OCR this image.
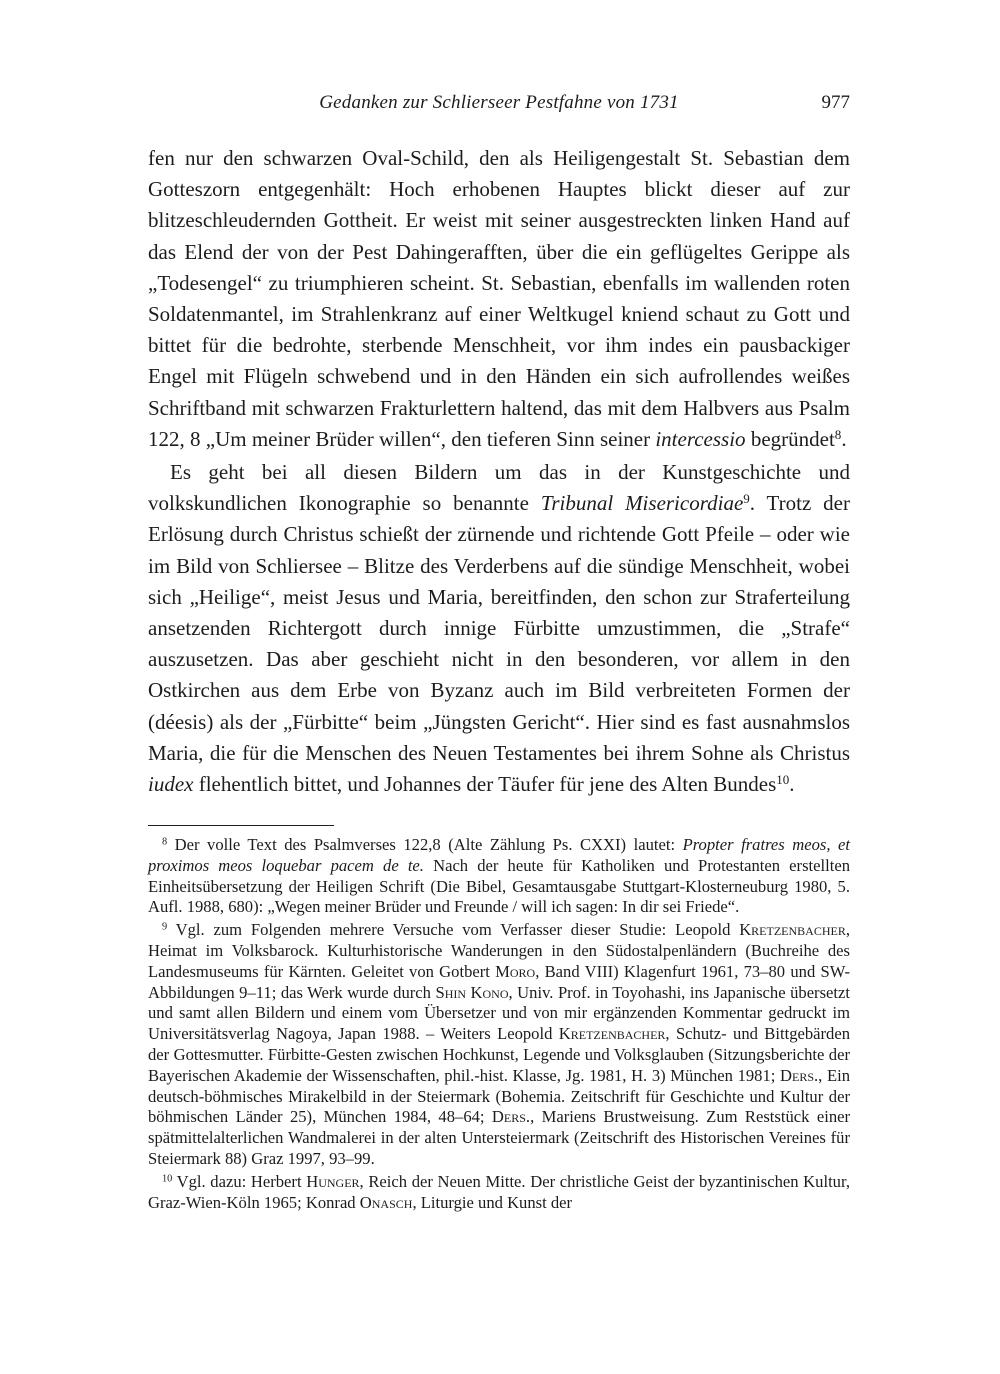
Gedanken zur Schlierseer Pestfahne von 1731	977

fen nur den schwarzen Oval-Schild, den als Heiligengestalt St. Sebastian dem Gotteszorn entgegenhält: Hoch erhobenen Hauptes blickt dieser auf zur blitzeschleudernden Gottheit. Er weist mit seiner ausgestreckten linken Hand auf das Elend der von der Pest Dahingerafften, über die ein geflügeltes Gerippe als „Todesengel“ zu triumphieren scheint. St. Sebastian, ebenfalls im wallenden roten Soldatenmantel, im Strahlenkranz auf einer Weltkugel kniend schaut zu Gott und bittet für die bedrohte, sterbende Menschheit, vor ihm indes ein pausbackiger Engel mit Flügeln schwebend und in den Händen ein sich aufrollendes weißes Schriftband mit schwarzen Frakturlettern haltend, das mit dem Halbvers aus Psalm 122, 8 „Um meiner Brüder willen“, den tieferen Sinn seiner intercessio begründet$^8$.

Es geht bei all diesen Bildern um das in der Kunstgeschichte und volkskundlichen Ikonographie so benannte Tribunal Misericordiae$^9$. Trotz der Erlösung durch Christus schießt der zürnende und richtende Gott Pfeile – oder wie im Bild von Schliersee – Blitze des Verderbens auf die sündige Menschheit, wobei sich „Heilige“, meist Jesus und Maria, bereitfinden, den schon zur Straferteilung ansetzenden Richtergott durch innige Fürbitte umzustimmen, die „Strafe“ auszusetzen. Das aber geschieht nicht in den besonderen, vor allem in den Ostkirchen aus dem Erbe von Byzanz auch im Bild verbreiteten Formen der (déesis) als der „Fürbitte“ beim „Jüngsten Gericht“. Hier sind es fast ausnahmslos Maria, die für die Menschen des Neuen Testamentes bei ihrem Sohne als Christus iudex flehentlich bittet, und Johannes der Täufer für jene des Alten Bundes$^{10}$.

$^8$ Der volle Text des Psalmverses 122,8 (Alte Zählung Ps. CXXI) lautet: Propter fratres meos, et proximos meos loquebar pacem de te. Nach der heute für Katholiken und Protestanten erstellten Einheitsübersetzung der Heiligen Schrift (Die Bibel, Gesamtausgabe Stuttgart-Klosterneuburg 1980, 5. Aufl. 1988, 680): „Wegen meiner Brüder und Freunde / will ich sagen: In dir sei Friede“.

$^9$ Vgl. zum Folgenden mehrere Versuche vom Verfasser dieser Studie: Leopold Kretzenbacher, Heimat im Volksbarock. Kulturhistorische Wanderungen in den Südostalpenländern (Buchreihe des Landesmuseums für Kärnten. Geleitet von Gotbert Moro, Band VIII) Klagenfurt 1961, 73–80 und SW-Abbildungen 9–11; das Werk wurde durch Shin Kono, Univ. Prof. in Toyohashi, ins Japanische übersetzt und samt allen Bildern und einem vom Übersetzer und von mir ergänzenden Kommentar gedruckt im Universitätsverlag Nagoya, Japan 1988. – Weiters Leopold Kretzenbacher, Schutz- und Bittgebärden der Gottesmutter. Fürbitte-Gesten zwischen Hochkunst, Legende und Volksglauben (Sitzungsberichte der Bayerischen Akademie der Wissenschaften, phil.-hist. Klasse, Jg. 1981, H. 3) München 1981; Ders., Ein deutsch-böhmisches Mirakelbild in der Steiermark (Bohemia. Zeitschrift für Geschichte und Kultur der böhmischen Länder 25), München 1984, 48–64; Ders., Mariens Brustweisung. Zum Reststück einer spätmittelalterlichen Wandmalerei in der alten Untersteiermark (Zeitschrift des Historischen Vereines für Steiermark 88) Graz 1997, 93–99.

$^{10}$ Vgl. dazu: Herbert Hunger, Reich der Neuen Mitte. Der christliche Geist der byzantinischen Kultur, Graz-Wien-Köln 1965; Konrad Onasch, Liturgie und Kunst der
